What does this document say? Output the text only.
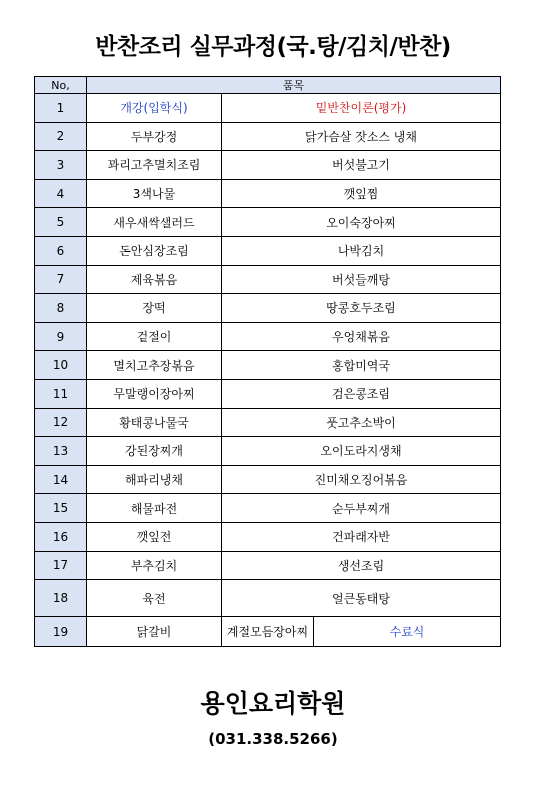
반찬조리 실무과정(국.탕/김치/반찬)
No,	품목		
1	개강(입학식)	밑반찬이론(평가)	
2	두부강정	닭가슴살 잣소스 냉채	
3	꽈리고추멸치조림	버섯불고기	
4	3색나물	깻잎찜	
5	새우새싹샐러드	오이숙장아찌	
6	돈안심장조림	나박김치	
7	제육볶음	버섯들깨탕	
8	장떡	땅콩호두조림	
9	겉절이	우엉채볶음	
10	멸치고추장볶음	홍합미역국	
11	무말랭이장아찌	검은콩조림	
12	황태콩나물국	풋고추소박이	
13	강된장찌개	오이도라지생채	
14	해파리냉채	진미채오징어볶음	
15	해물파전	순두부찌개	
16	깻잎전	건파래자반	
17	부추김치	생선조림	
18	육전	얼큰동태탕	
19	닭갈비	계절모듬장아찌	수료식
용인요리학원
(031.338.5266)
